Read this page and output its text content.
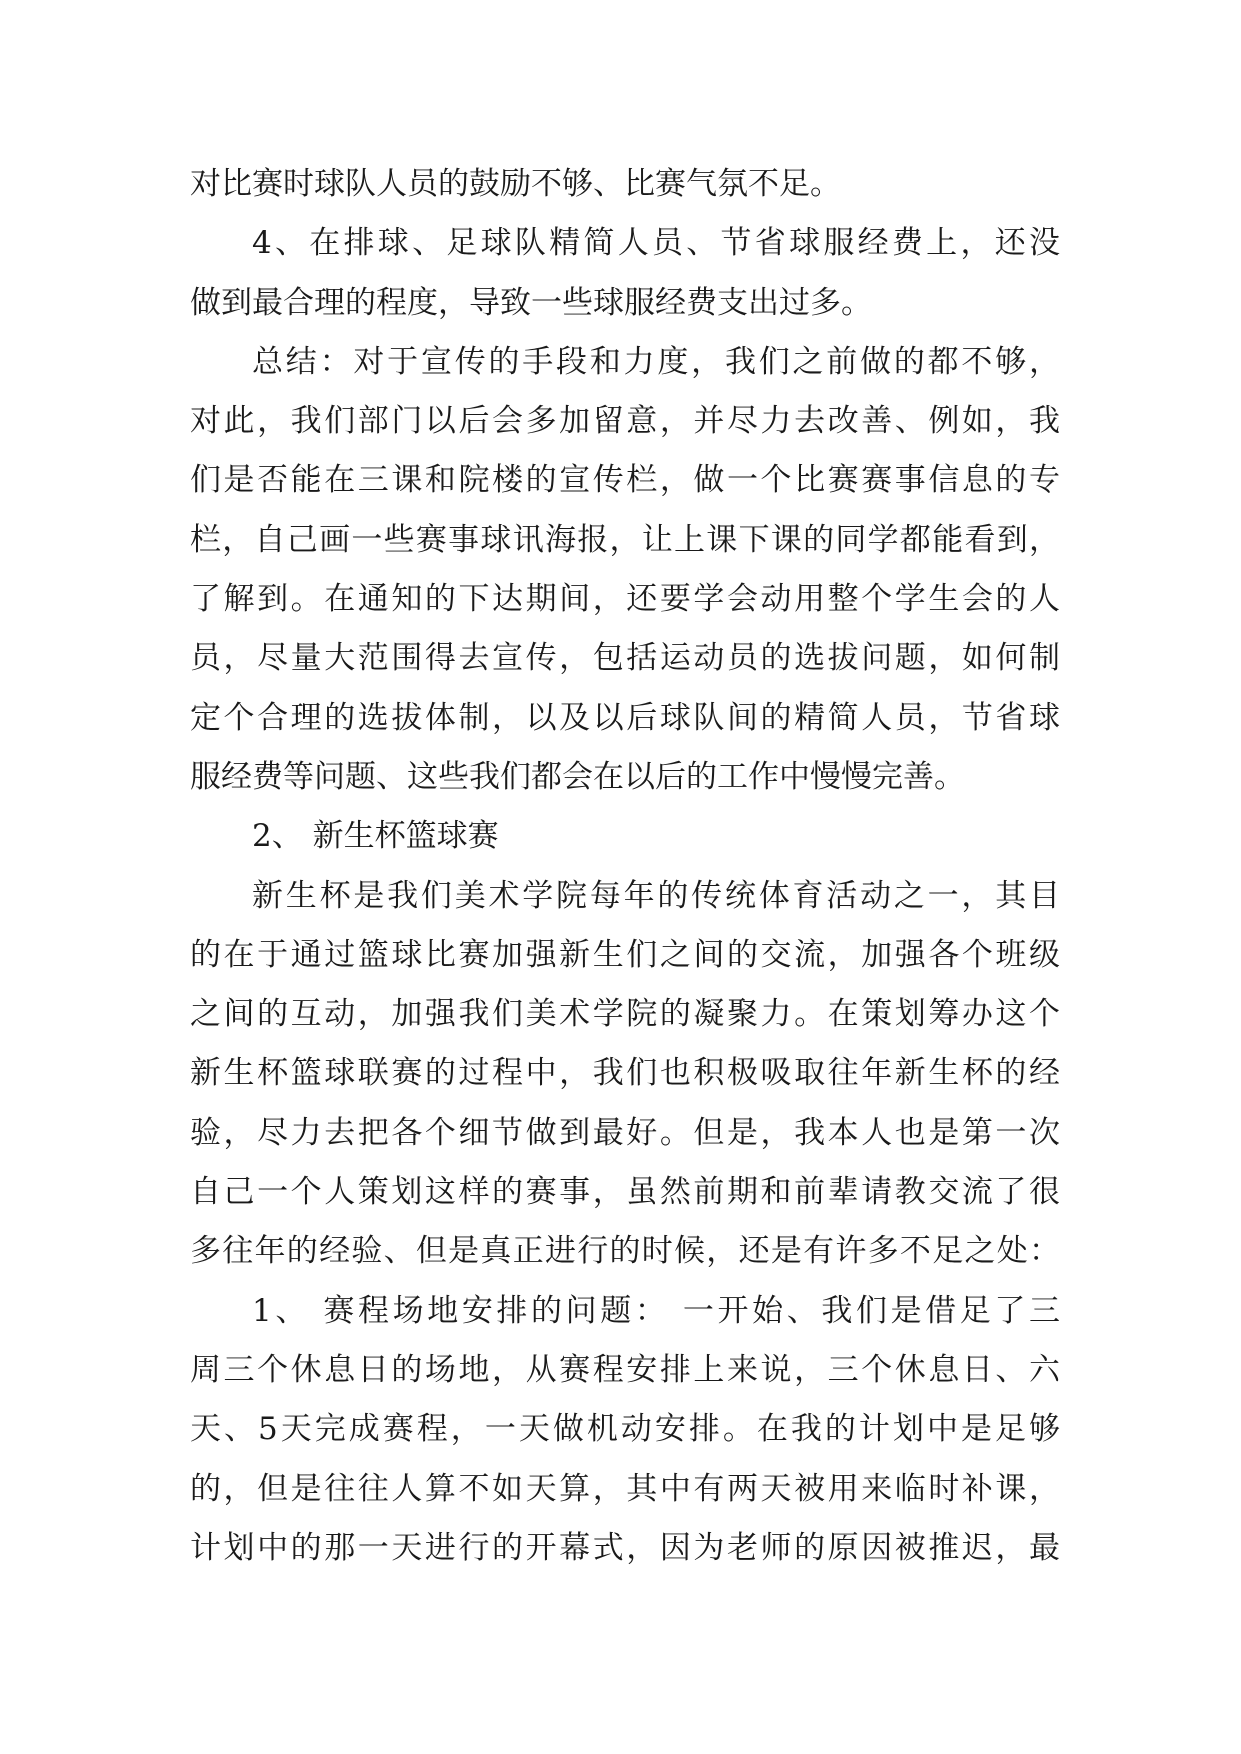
对比赛时球队人员的鼓励不够、比赛气氛不足。
4、在排球、足球队精简人员、节省球服经费上，还没
做到最合理的程度，导致一些球服经费支出过多。
总结：对于宣传的手段和力度，我们之前做的都不够，
对此，我们部门以后会多加留意，并尽力去改善、例如，我
们是否能在三课和院楼的宣传栏，做一个比赛赛事信息的专
栏，自己画一些赛事球讯海报，让上课下课的同学都能看到，
了解到。在通知的下达期间，还要学会动用整个学生会的人
员，尽量大范围得去宣传，包括运动员的选拔问题，如何制
定个合理的选拔体制，以及以后球队间的精简人员，节省球
服经费等问题、这些我们都会在以后的工作中慢慢完善。
2、 新生杯篮球赛
新生杯是我们美术学院每年的传统体育活动之一，其目
的在于通过篮球比赛加强新生们之间的交流，加强各个班级
之间的互动，加强我们美术学院的凝聚力。在策划筹办这个
新生杯篮球联赛的过程中，我们也积极吸取往年新生杯的经
验，尽力去把各个细节做到最好。但是，我本人也是第一次
自己一个人策划这样的赛事，虽然前期和前辈请教交流了很
多往年的经验、但是真正进行的时候，还是有许多不足之处：
1、 赛程场地安排的问题： 一开始、我们是借足了三
周三个休息日的场地，从赛程安排上来说，三个休息日、六
天、5天完成赛程，一天做机动安排。在我的计划中是足够
的，但是往往人算不如天算，其中有两天被用来临时补课，
计划中的那一天进行的开幕式，因为老师的原因被推迟，最
